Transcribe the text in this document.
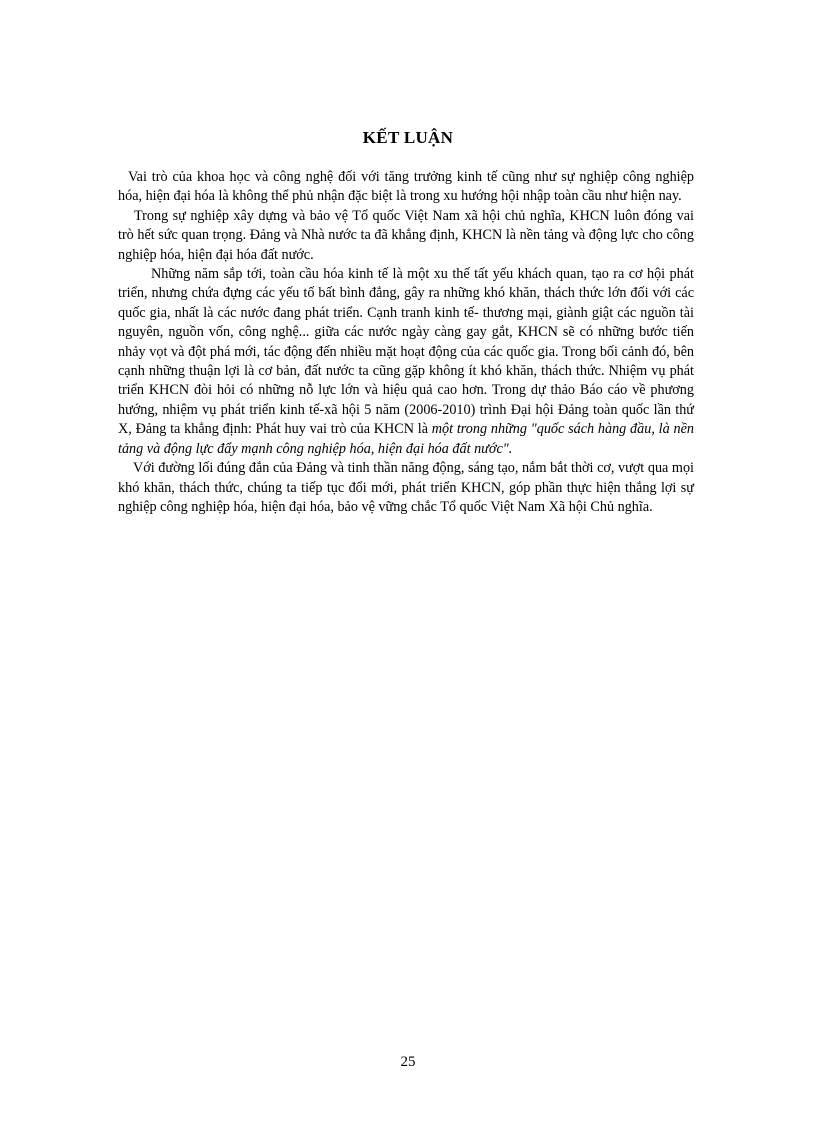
KẾT LUẬN

Vai trò của khoa học và công nghệ đối với tăng trưởng kinh tế cũng như sự nghiệp công nghiệp hóa, hiện đại hóa là không thể phủ nhận đặc biệt là trong xu hướng hội nhập toàn cầu như hiện nay.

Trong sự nghiệp xây dựng và bảo vệ Tổ quốc Việt Nam xã hội chủ nghĩa, KHCN luôn đóng vai trò hết sức quan trọng. Đảng và Nhà nước ta đã khẳng định, KHCN là nền tảng và động lực cho công nghiệp hóa, hiện đại hóa đất nước.

Những năm sắp tới, toàn cầu hóa kinh tế là một xu thế tất yếu khách quan, tạo ra cơ hội phát triển, nhưng chứa đựng các yếu tố bất bình đẳng, gây ra những khó khăn, thách thức lớn đối với các quốc gia, nhất là các nước đang phát triển. Cạnh tranh kinh tế- thương mại, giành giật các nguồn tài nguyên, nguồn vốn, công nghệ... giữa các nước ngày càng gay gắt, KHCN sẽ có những bước tiến nhảy vọt và đột phá mới, tác động đến nhiều mặt hoạt động của các quốc gia. Trong bối cảnh đó, bên cạnh những thuận lợi là cơ bản, đất nước ta cũng gặp không ít khó khăn, thách thức. Nhiệm vụ phát triển KHCN đòi hỏi có những nỗ lực lớn và hiệu quả cao hơn. Trong dự thảo Báo cáo về phương hướng, nhiệm vụ phát triển kinh tế-xã hội 5 năm (2006-2010) trình Đại hội Đảng toàn quốc lần thứ X, Đảng ta khẳng định: Phát huy vai trò của KHCN là một trong những "quốc sách hàng đầu, là nền tảng và động lực đẩy mạnh công nghiệp hóa, hiện đại hóa đất nước".

Với đường lối đúng đắn của Đảng và tinh thần năng động, sáng tạo, nắm bắt thời cơ, vượt qua mọi khó khăn, thách thức, chúng ta tiếp tục đổi mới, phát triển KHCN, góp phần thực hiện thắng lợi sự nghiệp công nghiệp hóa, hiện đại hóa, bảo vệ vững chắc Tổ quốc Việt Nam Xã hội Chủ nghĩa.

25
